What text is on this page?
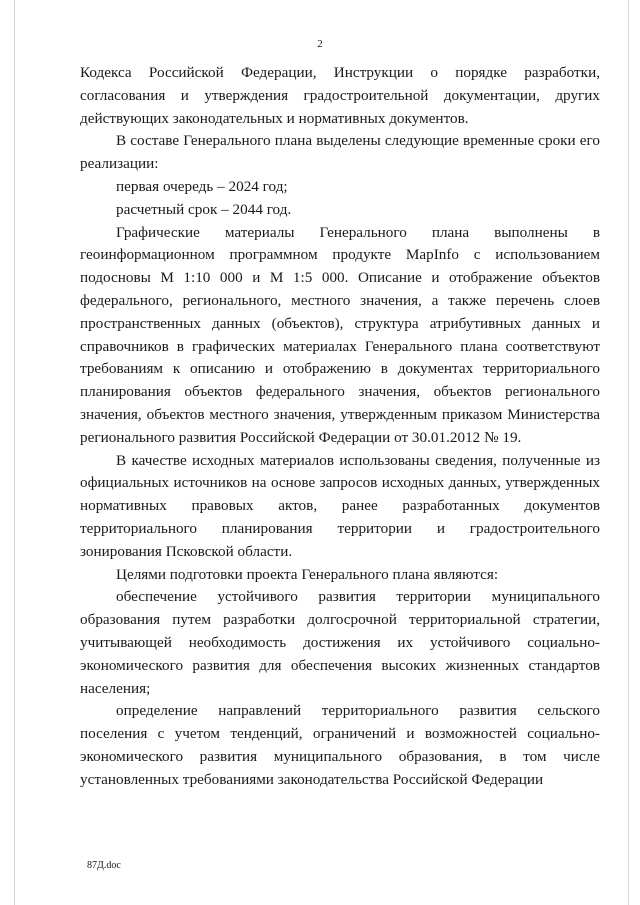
2

Кодекса Российской Федерации, Инструкции о порядке разработки, согласования и утверждения градостроительной документации, других действующих законодательных и нормативных документов.

В составе Генерального плана выделены следующие временные сроки его реализации:

первая очередь – 2024 год;

расчетный срок – 2044 год.

Графические материалы Генерального плана выполнены в геоинформационном программном продукте MapInfo с использованием подосновы М 1:10 000 и М 1:5 000. Описание и отображение объектов федерального, регионального, местного значения, а также перечень слоев пространственных данных (объектов), структура атрибутивных данных и справочников в графических материалах Генерального плана соответствуют требованиям к описанию и отображению в документах территориального планирования объектов федерального значения, объектов регионального значения, объектов местного значения, утвержденным приказом Министерства регионального развития Российской Федерации от 30.01.2012 № 19.

В качестве исходных материалов использованы сведения, полученные из официальных источников на основе запросов исходных данных, утвержденных нормативных правовых актов, ранее разработанных документов территориального планирования территории и градостроительного зонирования Псковской области.

Целями подготовки проекта Генерального плана являются:

обеспечение устойчивого развития территории муниципального образования путем разработки долгосрочной территориальной стратегии, учитывающей необходимость достижения их устойчивого социально-экономического развития для обеспечения высоких жизненных стандартов населения;

определение направлений территориального развития сельского поселения с учетом тенденций, ограничений и возможностей социально-экономического развития муниципального образования, в том числе установленных требованиями законодательства Российской Федерации

87Д.doc
